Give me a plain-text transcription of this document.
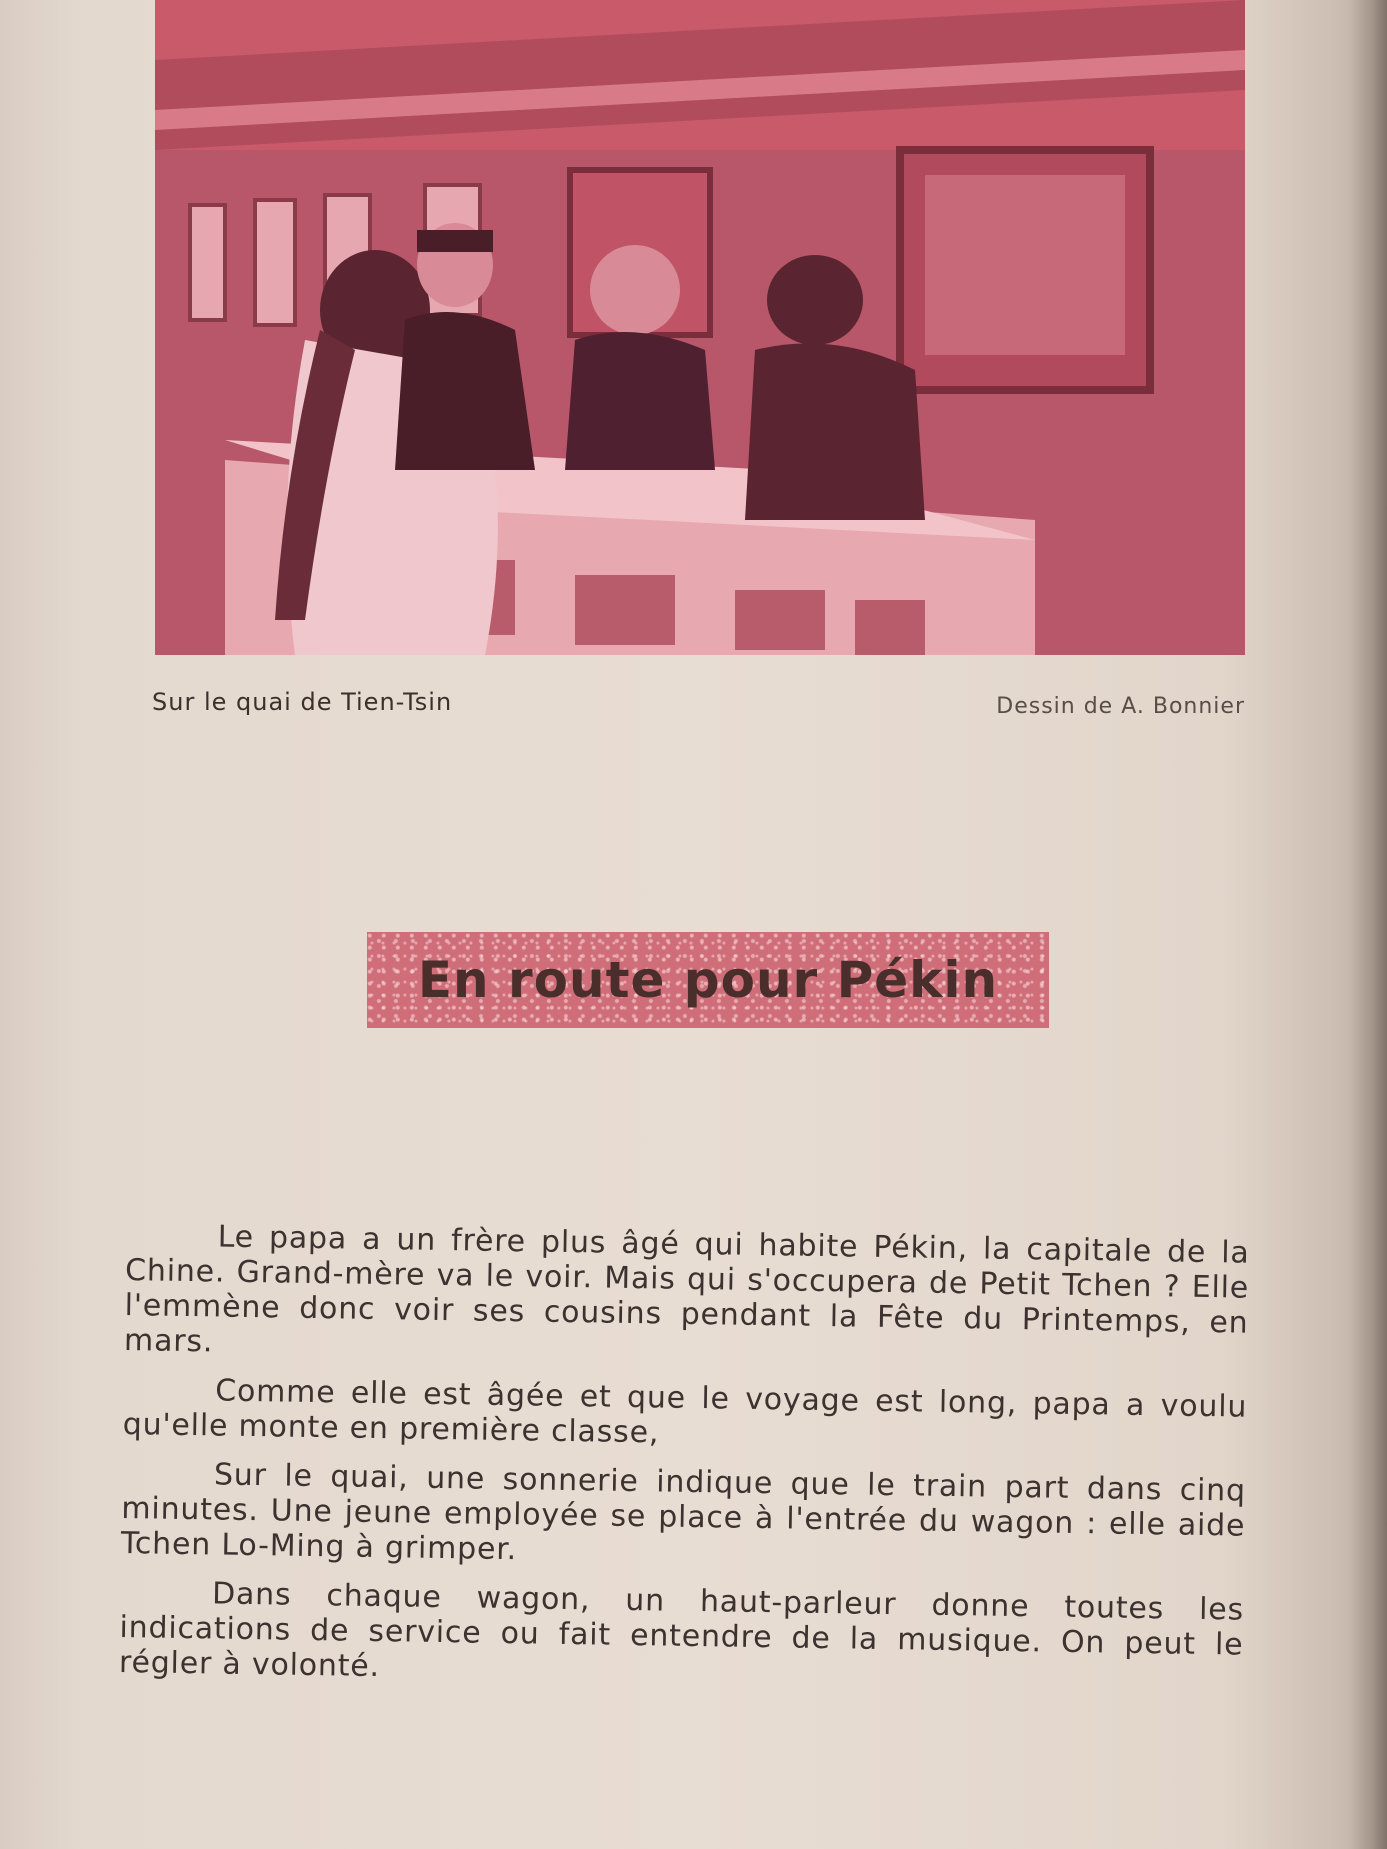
Sur le quai de Tien-Tsin	Dessin de A. Bonnier
En route pour Pékin

Le papa a un frère plus âgé qui habite Pékin, la capitale de la Chine. Grand-mère va le voir. Mais qui s'occupera de Petit Tchen ? Elle l'emmène donc voir ses cousins pendant la Fête du Printemps, en mars.

Comme elle est âgée et que le voyage est long, papa a voulu qu'elle monte en première classe,

Sur le quai, une sonnerie indique que le train part dans cinq minutes. Une jeune employée se place à l'entrée du wagon : elle aide Tchen Lo-Ming à grimper.

Dans chaque wagon, un haut-parleur donne toutes les indications de service ou fait entendre de la musique. On peut le régler à volonté.
